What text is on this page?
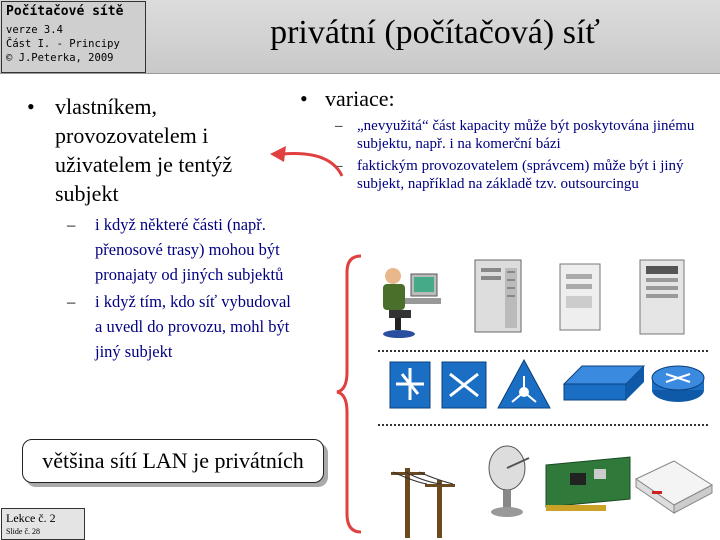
Počítačové sítě
verze 3.4
Část I. - Principy
© J.Peterka, 2009
privátní (počítačová) síť
• vlastníkem, provozovatelem i uživatelem je tentýž subjekt
– i když některé části (např. přenosové trasy) mohou být pronajaty od jiných subjektů
– i když tím, kdo síť vybudoval a uvedl do provozu, mohl být jiný subjekt
• variace:
– „nevyužitá“ část kapacity může být poskytována jinému subjektu, např. i na komerční bázi
– faktickým provozovatelem (správcem) může být i jiný subjekt, například na základě tzv. outsourcingu
většina sítí LAN je privátních
Lekce č. 2
Slide č. 28
